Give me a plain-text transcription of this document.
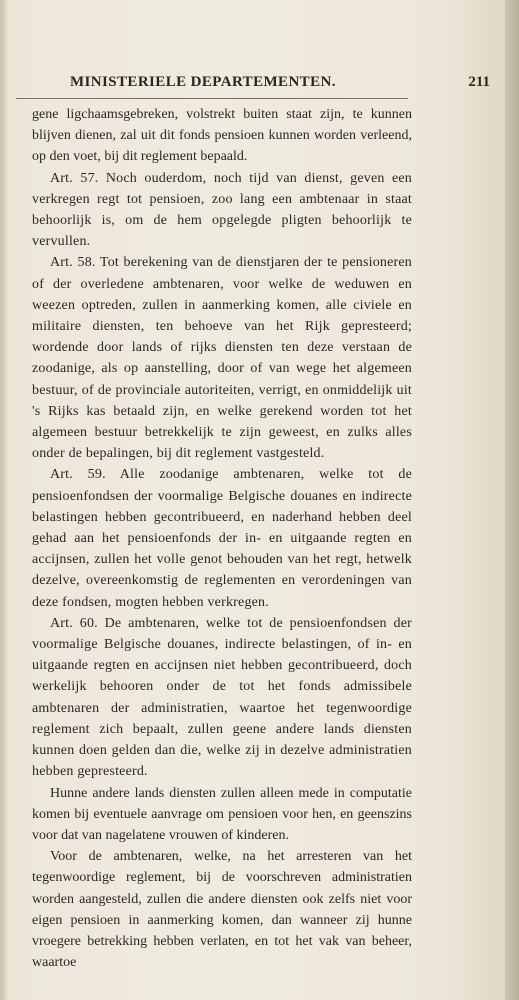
MINISTERIELE DEPARTEMENTEN.	211

gene ligchaamsgebreken, volstrekt buiten staat zijn, te kunnen blijven dienen, zal uit dit fonds pensioen kunnen worden verleend, op den voet, bij dit reglement bepaald.

Art. 57. Noch ouderdom, noch tijd van dienst, geven een verkregen regt tot pensioen, zoo lang een ambtenaar in staat behoorlijk is, om de hem opgelegde pligten behoorlijk te vervullen.

Art. 58. Tot berekening van de dienstjaren der te pensioneren of der overledene ambtenaren, voor welke de weduwen en weezen optreden, zullen in aanmerking komen, alle civiele en militaire diensten, ten behoeve van het Rijk gepresteerd; wordende door lands of rijks diensten ten deze verstaan de zoodanige, als op aanstelling, door of van wege het algemeen bestuur, of de provinciale autoriteiten, verrigt, en onmiddelijk uit 's Rijks kas betaald zijn, en welke gerekend worden tot het algemeen bestuur betrekkelijk te zijn geweest, en zulks alles onder de bepalingen, bij dit reglement vastgesteld.

Art. 59. Alle zoodanige ambtenaren, welke tot de pensioenfondsen der voormalige Belgische douanes en indirecte belastingen hebben gecontribueerd, en naderhand hebben deel gehad aan het pensioenfonds der in- en uitgaande regten en accijnsen, zullen het volle genot behouden van het regt, hetwelk dezelve, overeenkomstig de reglementen en verordeningen van deze fondsen, mogten hebben verkregen.

Art. 60. De ambtenaren, welke tot de pensioenfondsen der voormalige Belgische douanes, indirecte belastingen, of in- en uitgaande regten en accijnsen niet hebben gecontribueerd, doch werkelijk behooren onder de tot het fonds admissibele ambtenaren der administratien, waartoe het tegenwoordige reglement zich bepaalt, zullen geene andere lands diensten kunnen doen gelden dan die, welke zij in dezelve administratien hebben gepresteerd.

Hunne andere lands diensten zullen alleen mede in computatie komen bij eventuele aanvrage om pensioen voor hen, en geenszins voor dat van nagelatene vrouwen of kinderen.

Voor de ambtenaren, welke, na het arresteren van het tegenwoordige reglement, bij de voorschreven administratien worden aangesteld, zullen die andere diensten ook zelfs niet voor eigen pensioen in aanmerking komen, dan wanneer zij hunne vroegere betrekking hebben verlaten, en tot het vak van beheer, waartoe
